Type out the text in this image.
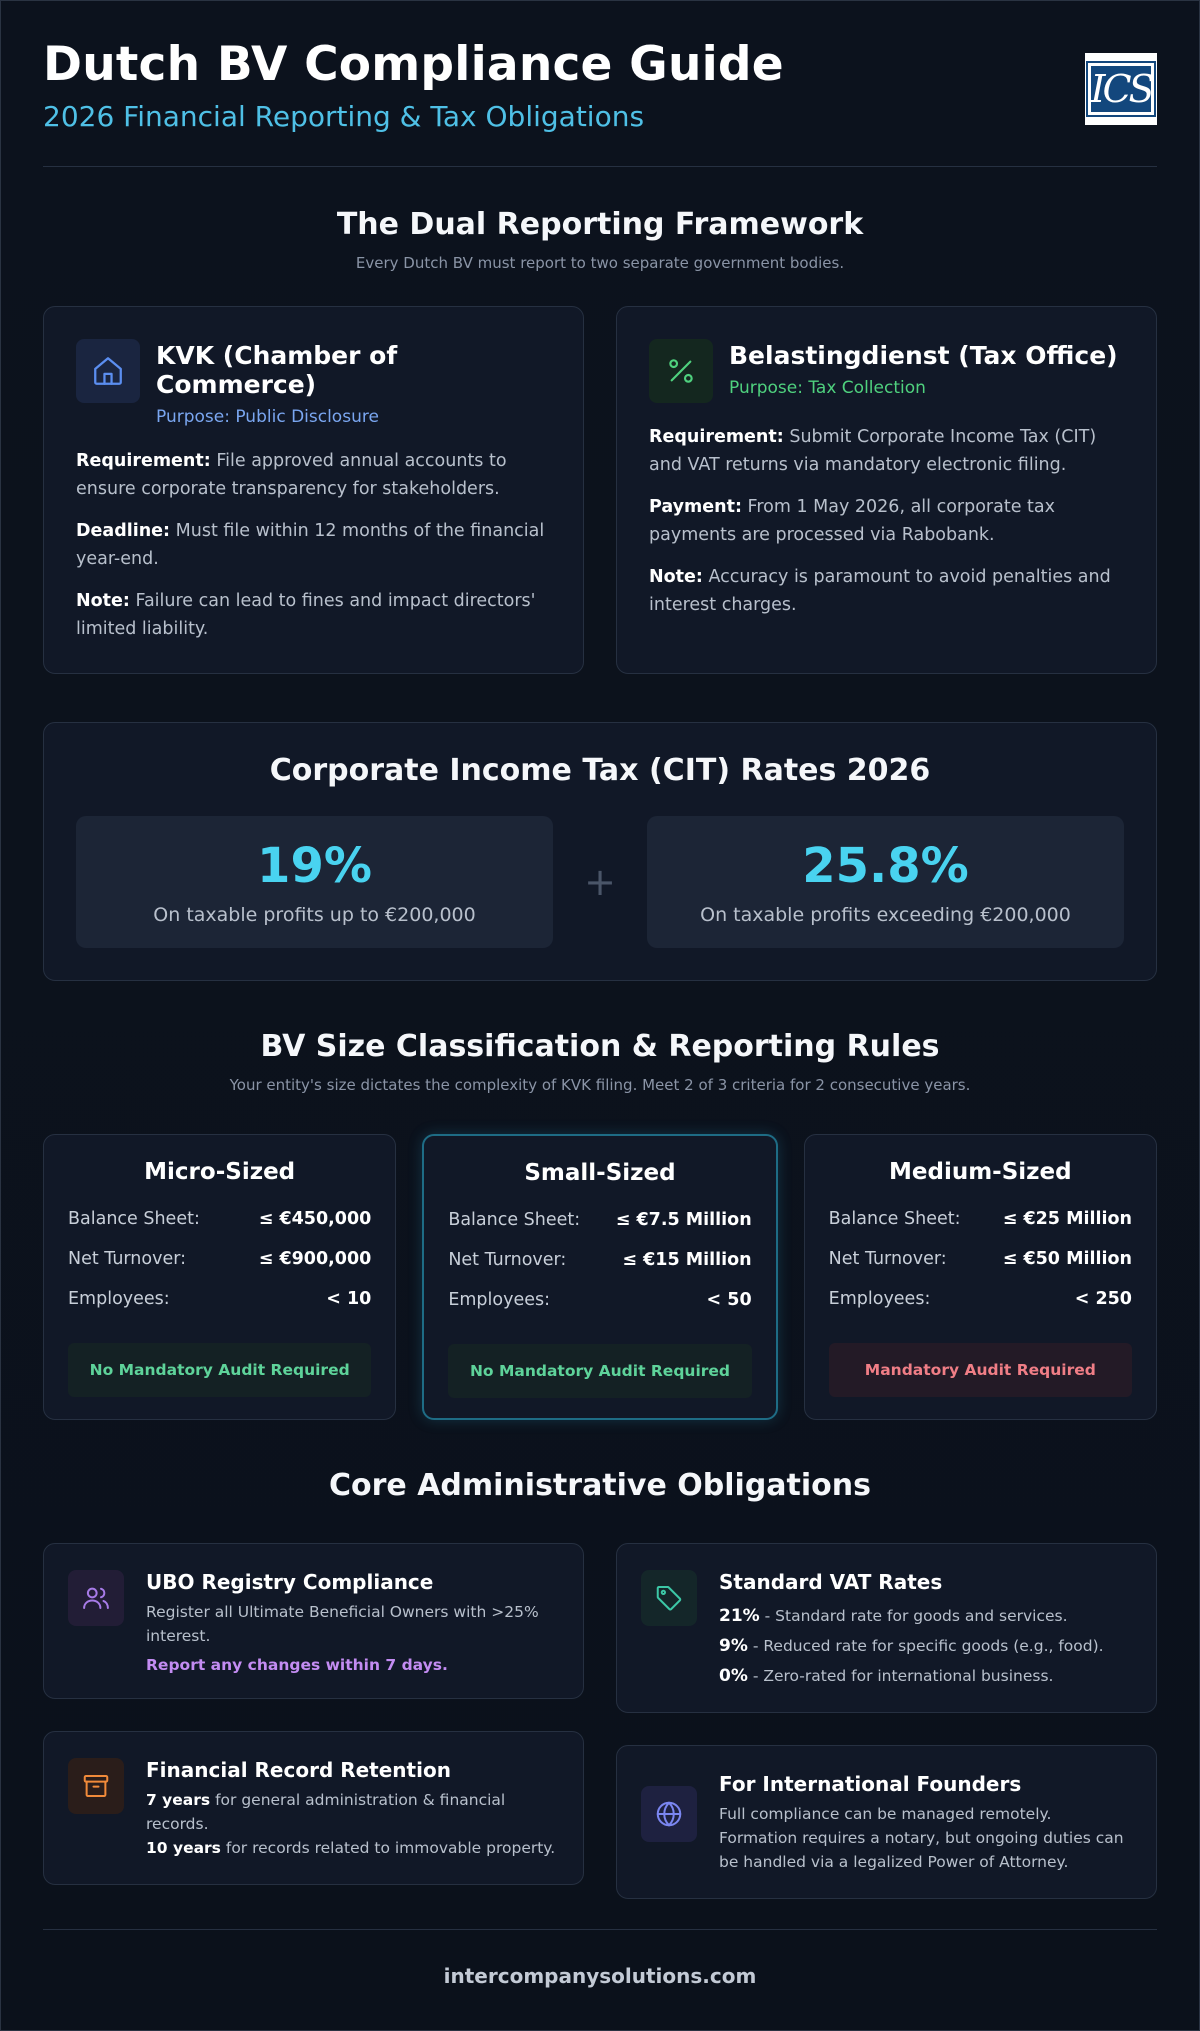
Dutch BV Compliance Guide
2026 Financial Reporting & Tax Obligations
ICS
The Dual Reporting Framework
Every Dutch BV must report to two separate government bodies.
KVK (Chamber of Commerce)
Purpose: Public Disclosure
Requirement: File approved annual accounts to ensure corporate transparency for stakeholders.
Deadline: Must file within 12 months of the financial year-end.
Note: Failure can lead to fines and impact directors' limited liability.
Belastingdienst (Tax Office)
Purpose: Tax Collection
Requirement: Submit Corporate Income Tax (CIT) and VAT returns via mandatory electronic filing.
Payment: From 1 May 2026, all corporate tax payments are processed via Rabobank.
Note: Accuracy is paramount to avoid penalties and interest charges.
Corporate Income Tax (CIT) Rates 2026
19%
On taxable profits up to €200,000
+	25.8%
On taxable profits exceeding €200,000
BV Size Classification & Reporting Rules
Your entity's size dictates the complexity of KVK filing. Meet 2 of 3 criteria for 2 consecutive years.
Micro-Sized
Balance Sheet:	≤ €450,000
Net Turnover:	≤ €900,000
Employees:	< 10
No Mandatory Audit Required
Small-Sized
Balance Sheet: ≤ €7.5 Million
Net Turnover:	≤ €15 Million
Employees:	< 50
No Mandatory Audit Required
Medium-Sized
Balance Sheet: ≤ €25 Million
Net Turnover:	≤ €50 Million
Employees:	< 250
Mandatory Audit Required
Core Administrative Obligations
UBO Registry Compliance
Register all Ultimate Beneficial Owners with >25% interest.
Report any changes within 7 days.
Financial Record Retention
7 years for general administration & financial records.
10 years for records related to immovable property.
Standard VAT Rates
21% - Standard rate for goods and services.
9% - Reduced rate for specific goods (e.g., food).
0% - Zero-rated for international business.
For International Founders
Full compliance can be managed remotely. Formation requires a notary, but ongoing duties can be handled via a legalized Power of Attorney.
intercompanysolutions.com
